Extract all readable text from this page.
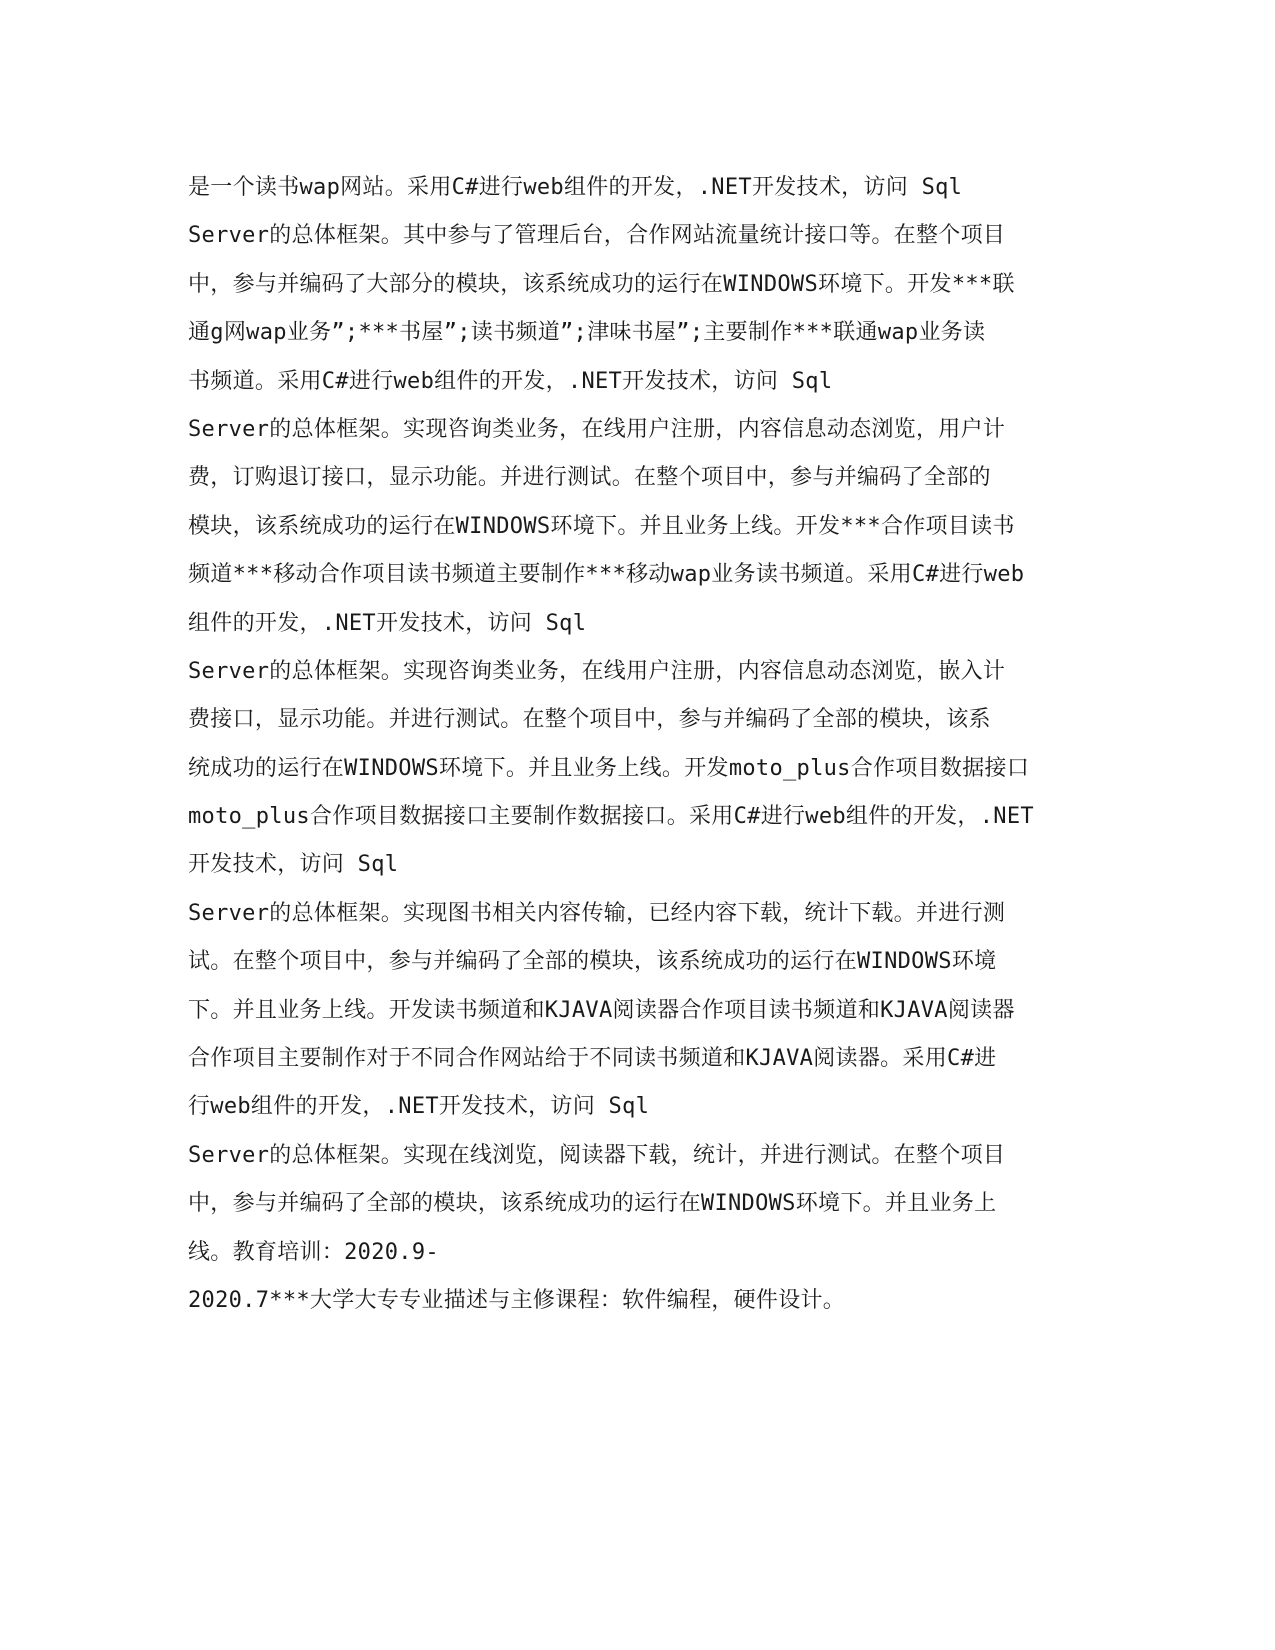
是一个读书wap网站。采用C#进行web组件的开发，.NET开发技术，访问 Sql
Server的总体框架。其中参与了管理后台，合作网站流量统计接口等。在整个项目
中，参与并编码了大部分的模块，该系统成功的运行在WINDOWS环境下。开发***联
通g网wap业务”;***书屋”;读书频道”;津味书屋”;主要制作***联通wap业务读
书频道。采用C#进行web组件的开发，.NET开发技术，访问 Sql
Server的总体框架。实现咨询类业务，在线用户注册，内容信息动态浏览，用户计
费，订购退订接口，显示功能。并进行测试。在整个项目中，参与并编码了全部的
模块，该系统成功的运行在WINDOWS环境下。并且业务上线。开发***合作项目读书
频道***移动合作项目读书频道主要制作***移动wap业务读书频道。采用C#进行web
组件的开发，.NET开发技术，访问 Sql
Server的总体框架。实现咨询类业务，在线用户注册，内容信息动态浏览，嵌入计
费接口，显示功能。并进行测试。在整个项目中，参与并编码了全部的模块，该系
统成功的运行在WINDOWS环境下。并且业务上线。开发moto_plus合作项目数据接口
moto_plus合作项目数据接口主要制作数据接口。采用C#进行web组件的开发，.NET
开发技术，访问 Sql
Server的总体框架。实现图书相关内容传输，已经内容下载，统计下载。并进行测
试。在整个项目中，参与并编码了全部的模块，该系统成功的运行在WINDOWS环境
下。并且业务上线。开发读书频道和KJAVA阅读器合作项目读书频道和KJAVA阅读器
合作项目主要制作对于不同合作网站给于不同读书频道和KJAVA阅读器。采用C#进
行web组件的开发，.NET开发技术，访问 Sql
Server的总体框架。实现在线浏览，阅读器下载，统计，并进行测试。在整个项目
中，参与并编码了全部的模块，该系统成功的运行在WINDOWS环境下。并且业务上
线。教育培训：2020.9-
2020.7***大学大专专业描述与主修课程：软件编程，硬件设计。
